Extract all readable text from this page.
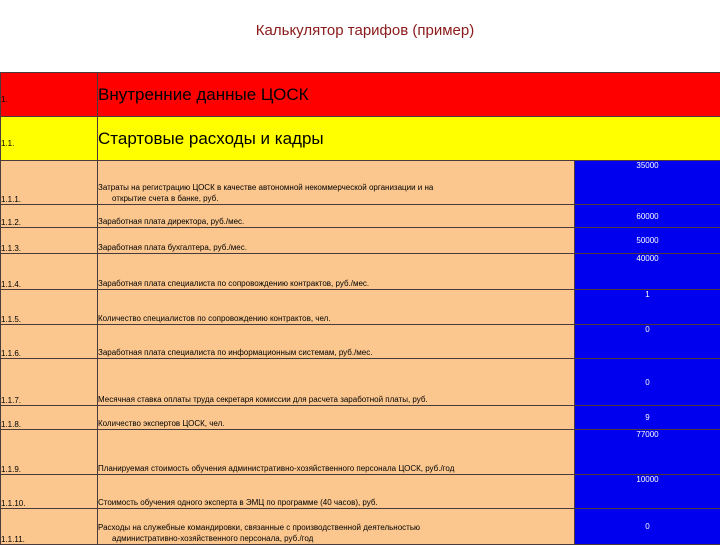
Калькулятор тарифов (пример)
1.	Внутренние данные ЦОСК	
1.1.	Стартовые расходы и кадры	
1.1.1.	Затраты на регистрацию ЦОСК в качестве автономной некоммерческой организации и на
открытие счета в банке, руб.	35000
1.1.2.	Заработная плата директора, руб./мес.	60000
1.1.3.	Заработная плата бухгалтера, руб./мес.	50000
1.1.4.	Заработная плата специалиста по сопровождению контрактов, руб./мес.	40000
1.1.5.	Количество специалистов по сопровождению контрактов, чел.	1
1.1.6.	Заработная плата специалиста по информационным системам, руб./мес.	0
1.1.7.	Месячная ставка оплаты труда секретаря комиссии для расчета заработной платы, руб.	0
1.1.8.	Количество экспертов ЦОСК, чел.	9
1.1.9.	Планируемая стоимость обучения административно-хозяйственного персонала ЦОСК, руб./год	77000
1.1.10.	Стоимость обучения одного эксперта в ЭМЦ по программе (40 часов), руб.	10000
1.1.11.	Расходы на служебные командировки, связанные с производственной деятельностью
административно-хозяйственного персонала, руб./год	0
